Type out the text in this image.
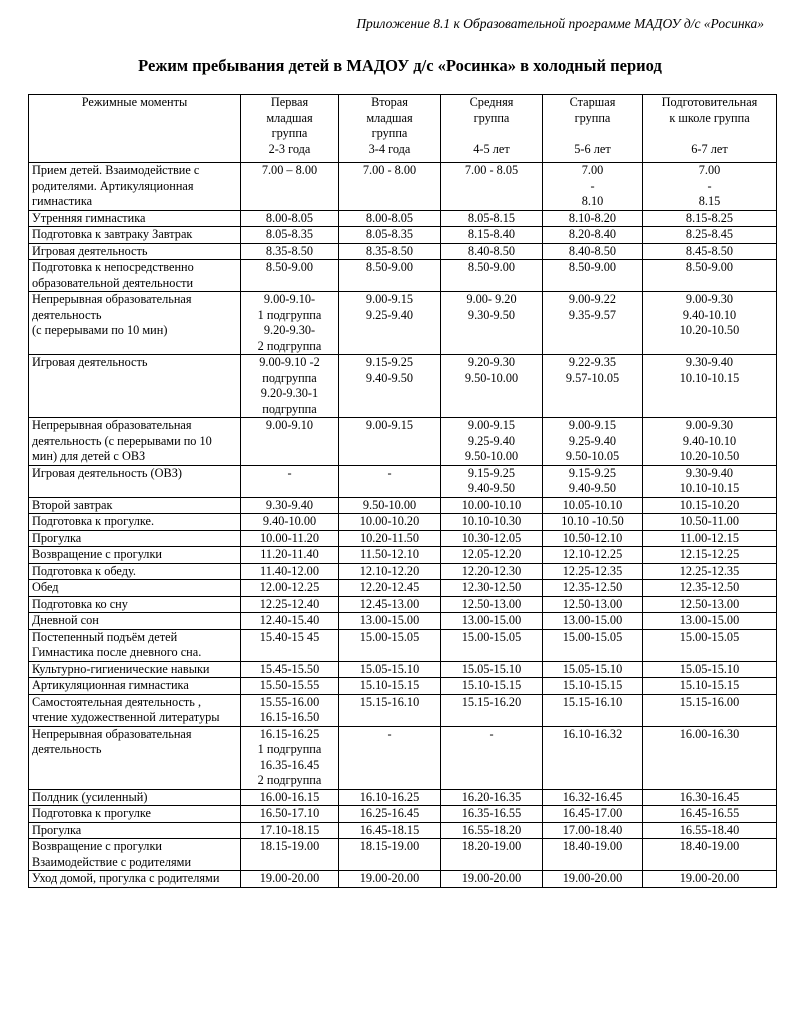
Приложение 8.1 к Образовательной программе МАДОУ д/с «Росинка»
Режим пребывания детей в МАДОУ д/с «Росинка» в холодный период
Режимные моменты	Первая
младшая
группа
2-3 года	Вторая
младшая
группа
3-4 года	Средняя
группа

4-5 лет	Старшая
группа

5-6 лет	Подготовительная
к школе группа

6-7 лет
Прием детей. Взаимодействие с родителями. Артикуляционная гимнастика	7.00 – 8.00	7.00 - 8.00	7.00 - 8.05	7.00
-
8.10	7.00
-
8.15
Утренняя гимнастика	8.00-8.05	8.00-8.05	8.05-8.15	8.10-8.20	8.15-8.25
Подготовка к завтраку Завтрак	8.05-8.35	8.05-8.35	8.15-8.40	8.20-8.40	8.25-8.45
Игровая деятельность	8.35-8.50	8.35-8.50	8.40-8.50	8.40-8.50	8.45-8.50
Подготовка к непосредственно образовательной деятельности	8.50-9.00	8.50-9.00	8.50-9.00	8.50-9.00	8.50-9.00
Непрерывная образовательная деятельность
(с перерывами по 10 мин)	9.00-9.10-
1 подгруппа
9.20-9.30-
2 подгруппа	9.00-9.15
9.25-9.40	9.00- 9.20
9.30-9.50	9.00-9.22
9.35-9.57	9.00-9.30
9.40-10.10
10.20-10.50
Игровая деятельность	9.00-9.10 -2
подгруппа
9.20-9.30-1
подгруппа	9.15-9.25
9.40-9.50	9.20-9.30
9.50-10.00	9.22-9.35
9.57-10.05	9.30-9.40
10.10-10.15
Непрерывная образовательная деятельность (с перерывами по 10 мин) для детей с ОВЗ	9.00-9.10	9.00-9.15	9.00-9.15
9.25-9.40
9.50-10.00	9.00-9.15
9.25-9.40
9.50-10.05	9.00-9.30
9.40-10.10
10.20-10.50
Игровая деятельность (ОВЗ)	-	-	9.15-9.25
9.40-9.50	9.15-9.25
9.40-9.50	9.30-9.40
10.10-10.15
Второй завтрак	9.30-9.40	9.50-10.00	10.00-10.10	10.05-10.10	10.15-10.20
Подготовка к прогулке.	9.40-10.00	10.00-10.20	10.10-10.30	10.10 -10.50	10.50-11.00
Прогулка	10.00-11.20	10.20-11.50	10.30-12.05	10.50-12.10	11.00-12.15
Возвращение с прогулки	11.20-11.40	11.50-12.10	12.05-12.20	12.10-12.25	12.15-12.25
Подготовка к обеду.	11.40-12.00	12.10-12.20	12.20-12.30	12.25-12.35	12.25-12.35
Обед	12.00-12.25	12.20-12.45	12.30-12.50	12.35-12.50	12.35-12.50
Подготовка ко сну	12.25-12.40	12.45-13.00	12.50-13.00	12.50-13.00	12.50-13.00
Дневной сон	12.40-15.40	13.00-15.00	13.00-15.00	13.00-15.00	13.00-15.00
Постепенный подъём детей Гимнастика после дневного сна.	15.40-15 45	15.00-15.05	15.00-15.05	15.00-15.05	15.00-15.05
Культурно-гигиенические навыки	15.45-15.50	15.05-15.10	15.05-15.10	15.05-15.10	15.05-15.10
Артикуляционная гимнастика	15.50-15.55	15.10-15.15	15.10-15.15	15.10-15.15	15.10-15.15
Самостоятельная деятельность , чтение художественной литературы	15.55-16.00
16.15-16.50	15.15-16.10	15.15-16.20	15.15-16.10	15.15-16.00
Непрерывная образовательная деятельность	16.15-16.25
1 подгруппа
16.35-16.45
2 подгруппа	-	-	16.10-16.32	16.00-16.30
Полдник (усиленный)	16.00-16.15	16.10-16.25	16.20-16.35	16.32-16.45	16.30-16.45
Подготовка к прогулке	16.50-17.10	16.25-16.45	16.35-16.55	16.45-17.00	16.45-16.55
Прогулка	17.10-18.15	16.45-18.15	16.55-18.20	17.00-18.40	16.55-18.40
Возвращение с прогулки Взаимодействие с родителями	18.15-19.00	18.15-19.00	18.20-19.00	18.40-19.00	18.40-19.00
Уход домой, прогулка с родителями	19.00-20.00	19.00-20.00	19.00-20.00	19.00-20.00	19.00-20.00
